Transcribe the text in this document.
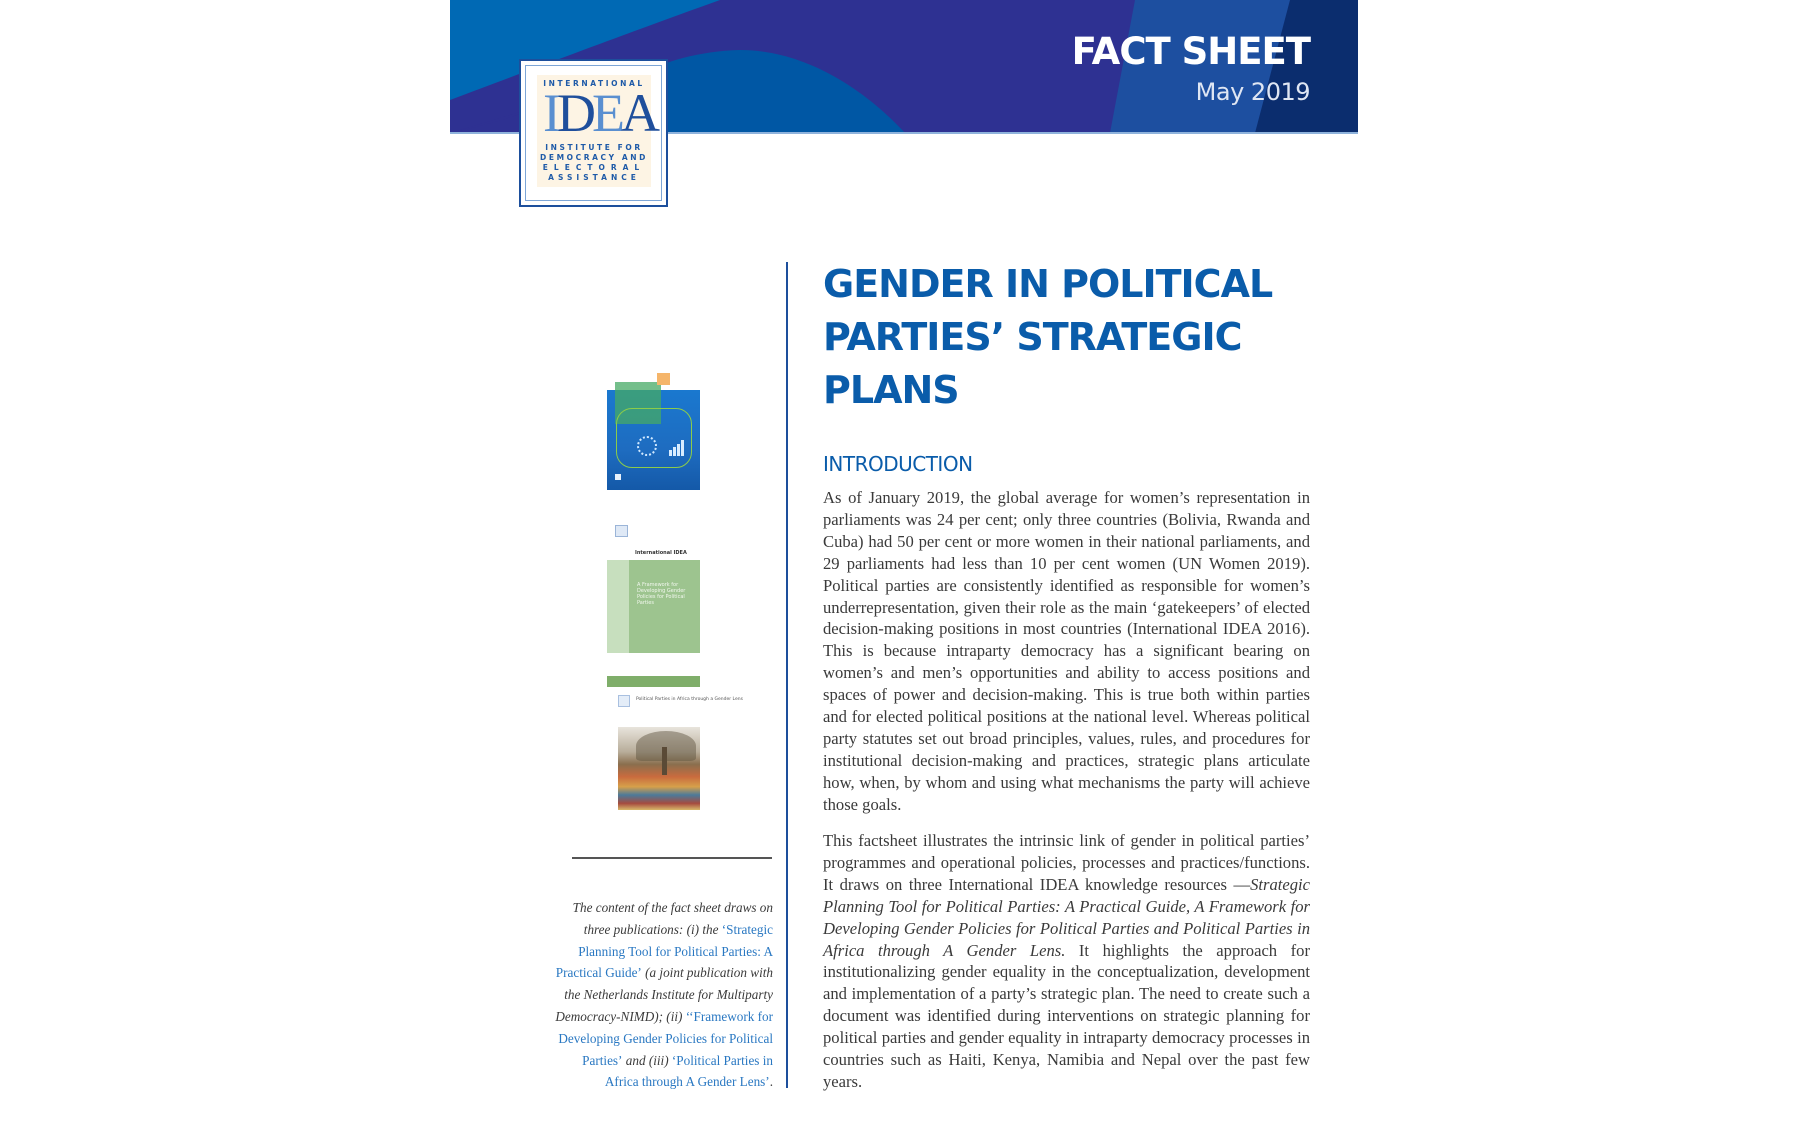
FACT SHEET
May 2019
INTERNATIONAL
IDEA
INSTITUTE FOR
DEMOCRACY AND
ELECTORAL
ASSISTANCE
GENDER IN POLITICAL
PARTIES’ STRATEGIC
PLANS
INTRODUCTION
As of January 2019, the global average for women’s representation in parliaments was 24 per cent; only three countries (Bolivia, Rwanda and Cuba) had 50 per cent or more women in their national parliaments, and 29 parliaments had less than 10 per cent women (UN Women 2019). Political parties are consistently identified as responsible for women’s underrepresentation, given their role as the main ‘gatekeepers’ of elected decision-making positions in most countries (International IDEA 2016). This is because intraparty democracy has a significant bearing on women’s and men’s opportunities and ability to access positions and spaces of power and decision-making. This is true both within parties and for elected political positions at the national level. Whereas political party statutes set out broad principles, values, rules, and procedures for institutional decision-making and practices, strategic plans articulate how, when, by whom and using what mechanisms the party will achieve those goals.
This factsheet illustrates the intrinsic link of gender in political parties’ programmes and operational policies, processes and practices/functions. It draws on three International IDEA knowledge resources —Strategic Planning Tool for Political Parties: A Practical Guide, A Framework for Developing Gender Policies for Political Parties and Political Parties in Africa through A Gender Lens. It highlights the approach for institutionalizing gender equality in the conceptualization, development and implementation of a party’s strategic plan. The need to create such a document was identified during interventions on strategic planning for political parties and gender equality in intraparty democracy processes in countries such as Haiti, Kenya, Namibia and Nepal over the past few years.
International IDEA
A Framework for Developing Gender Policies for Political Parties
Political Parties in Africa through a Gender Lens
The content of the fact sheet draws on three publications: (i) the ‘Strategic Planning Tool for Political Parties: A Practical Guide’ (a joint publication with the Netherlands Institute for Multiparty Democracy-NIMD); (ii) ‘‘Framework for Developing Gender Policies for Political Parties’ and (iii) ‘Political Parties in Africa through A Gender Lens’.
